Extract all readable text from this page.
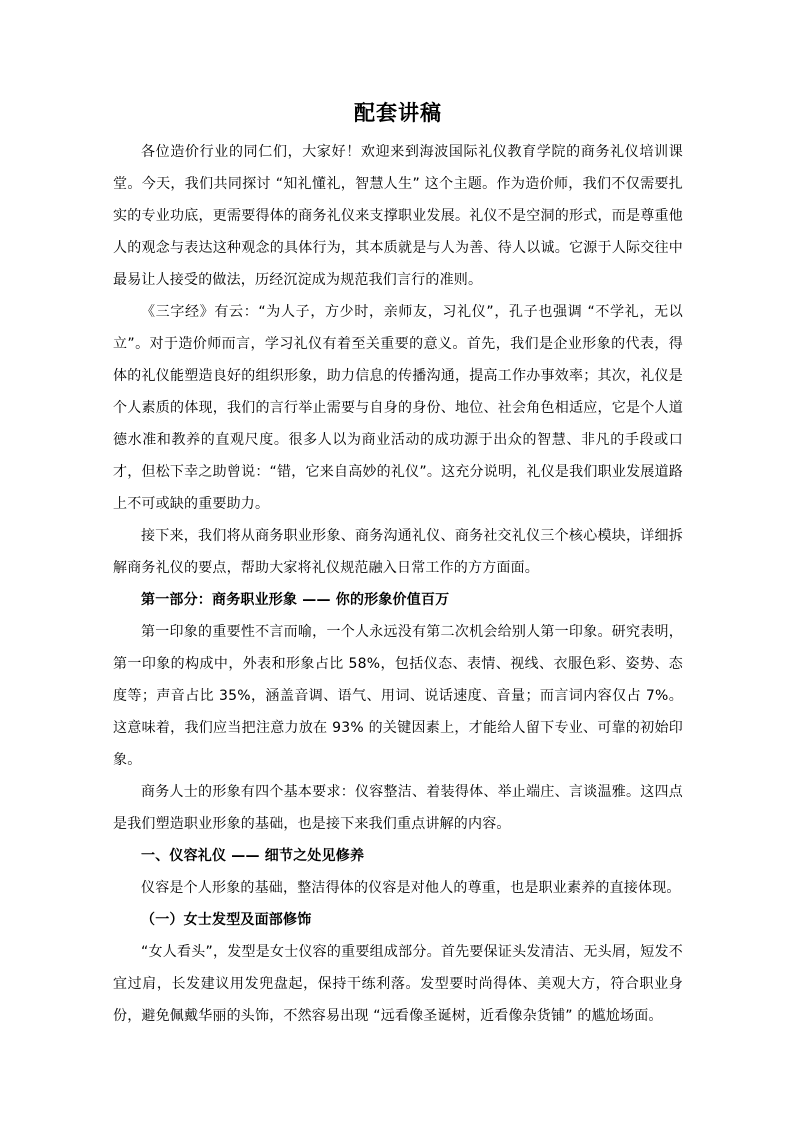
配套讲稿

各位造价行业的同仁们，大家好！欢迎来到海波国际礼仪教育学院的商务礼仪培训课堂。今天，我们共同探讨 “知礼懂礼，智慧人生” 这个主题。作为造价师，我们不仅需要扎实的专业功底，更需要得体的商务礼仪来支撑职业发展。礼仪不是空洞的形式，而是尊重他人的观念与表达这种观念的具体行为，其本质就是与人为善、待人以诚。它源于人际交往中最易让人接受的做法，历经沉淀成为规范我们言行的准则。

《三字经》有云：“为人子，方少时，亲师友，习礼仪”，孔子也强调 “不学礼，无以立”。对于造价师而言，学习礼仪有着至关重要的意义。首先，我们是企业形象的代表，得体的礼仪能塑造良好的组织形象，助力信息的传播沟通，提高工作办事效率；其次，礼仪是个人素质的体现，我们的言行举止需要与自身的身份、地位、社会角色相适应，它是个人道德水准和教养的直观尺度。很多人以为商业活动的成功源于出众的智慧、非凡的手段或口才，但松下幸之助曾说：“错，它来自高妙的礼仪”。这充分说明，礼仪是我们职业发展道路上不可或缺的重要助力。

接下来，我们将从商务职业形象、商务沟通礼仪、商务社交礼仪三个核心模块，详细拆解商务礼仪的要点，帮助大家将礼仪规范融入日常工作的方方面面。

第一部分：商务职业形象 —— 你的形象价值百万

第一印象的重要性不言而喻，一个人永远没有第二次机会给别人第一印象。研究表明，第一印象的构成中，外表和形象占比 58%，包括仪态、表情、视线、衣服色彩、姿势、态度等；声音占比 35%，涵盖音调、语气、用词、说话速度、音量；而言词内容仅占 7%。这意味着，我们应当把注意力放在 93% 的关键因素上，才能给人留下专业、可靠的初始印象。

商务人士的形象有四个基本要求：仪容整洁、着装得体、举止端庄、言谈温雅。这四点是我们塑造职业形象的基础，也是接下来我们重点讲解的内容。

一、仪容礼仪 —— 细节之处见修养

仪容是个人形象的基础，整洁得体的仪容是对他人的尊重，也是职业素养的直接体现。

（一）女士发型及面部修饰

“女人看头”，发型是女士仪容的重要组成部分。首先要保证头发清洁、无头屑，短发不宜过肩，长发建议用发兜盘起，保持干练利落。发型要时尚得体、美观大方，符合职业身份，避免佩戴华丽的头饰，不然容易出现 “远看像圣诞树，近看像杂货铺” 的尴尬场面。
